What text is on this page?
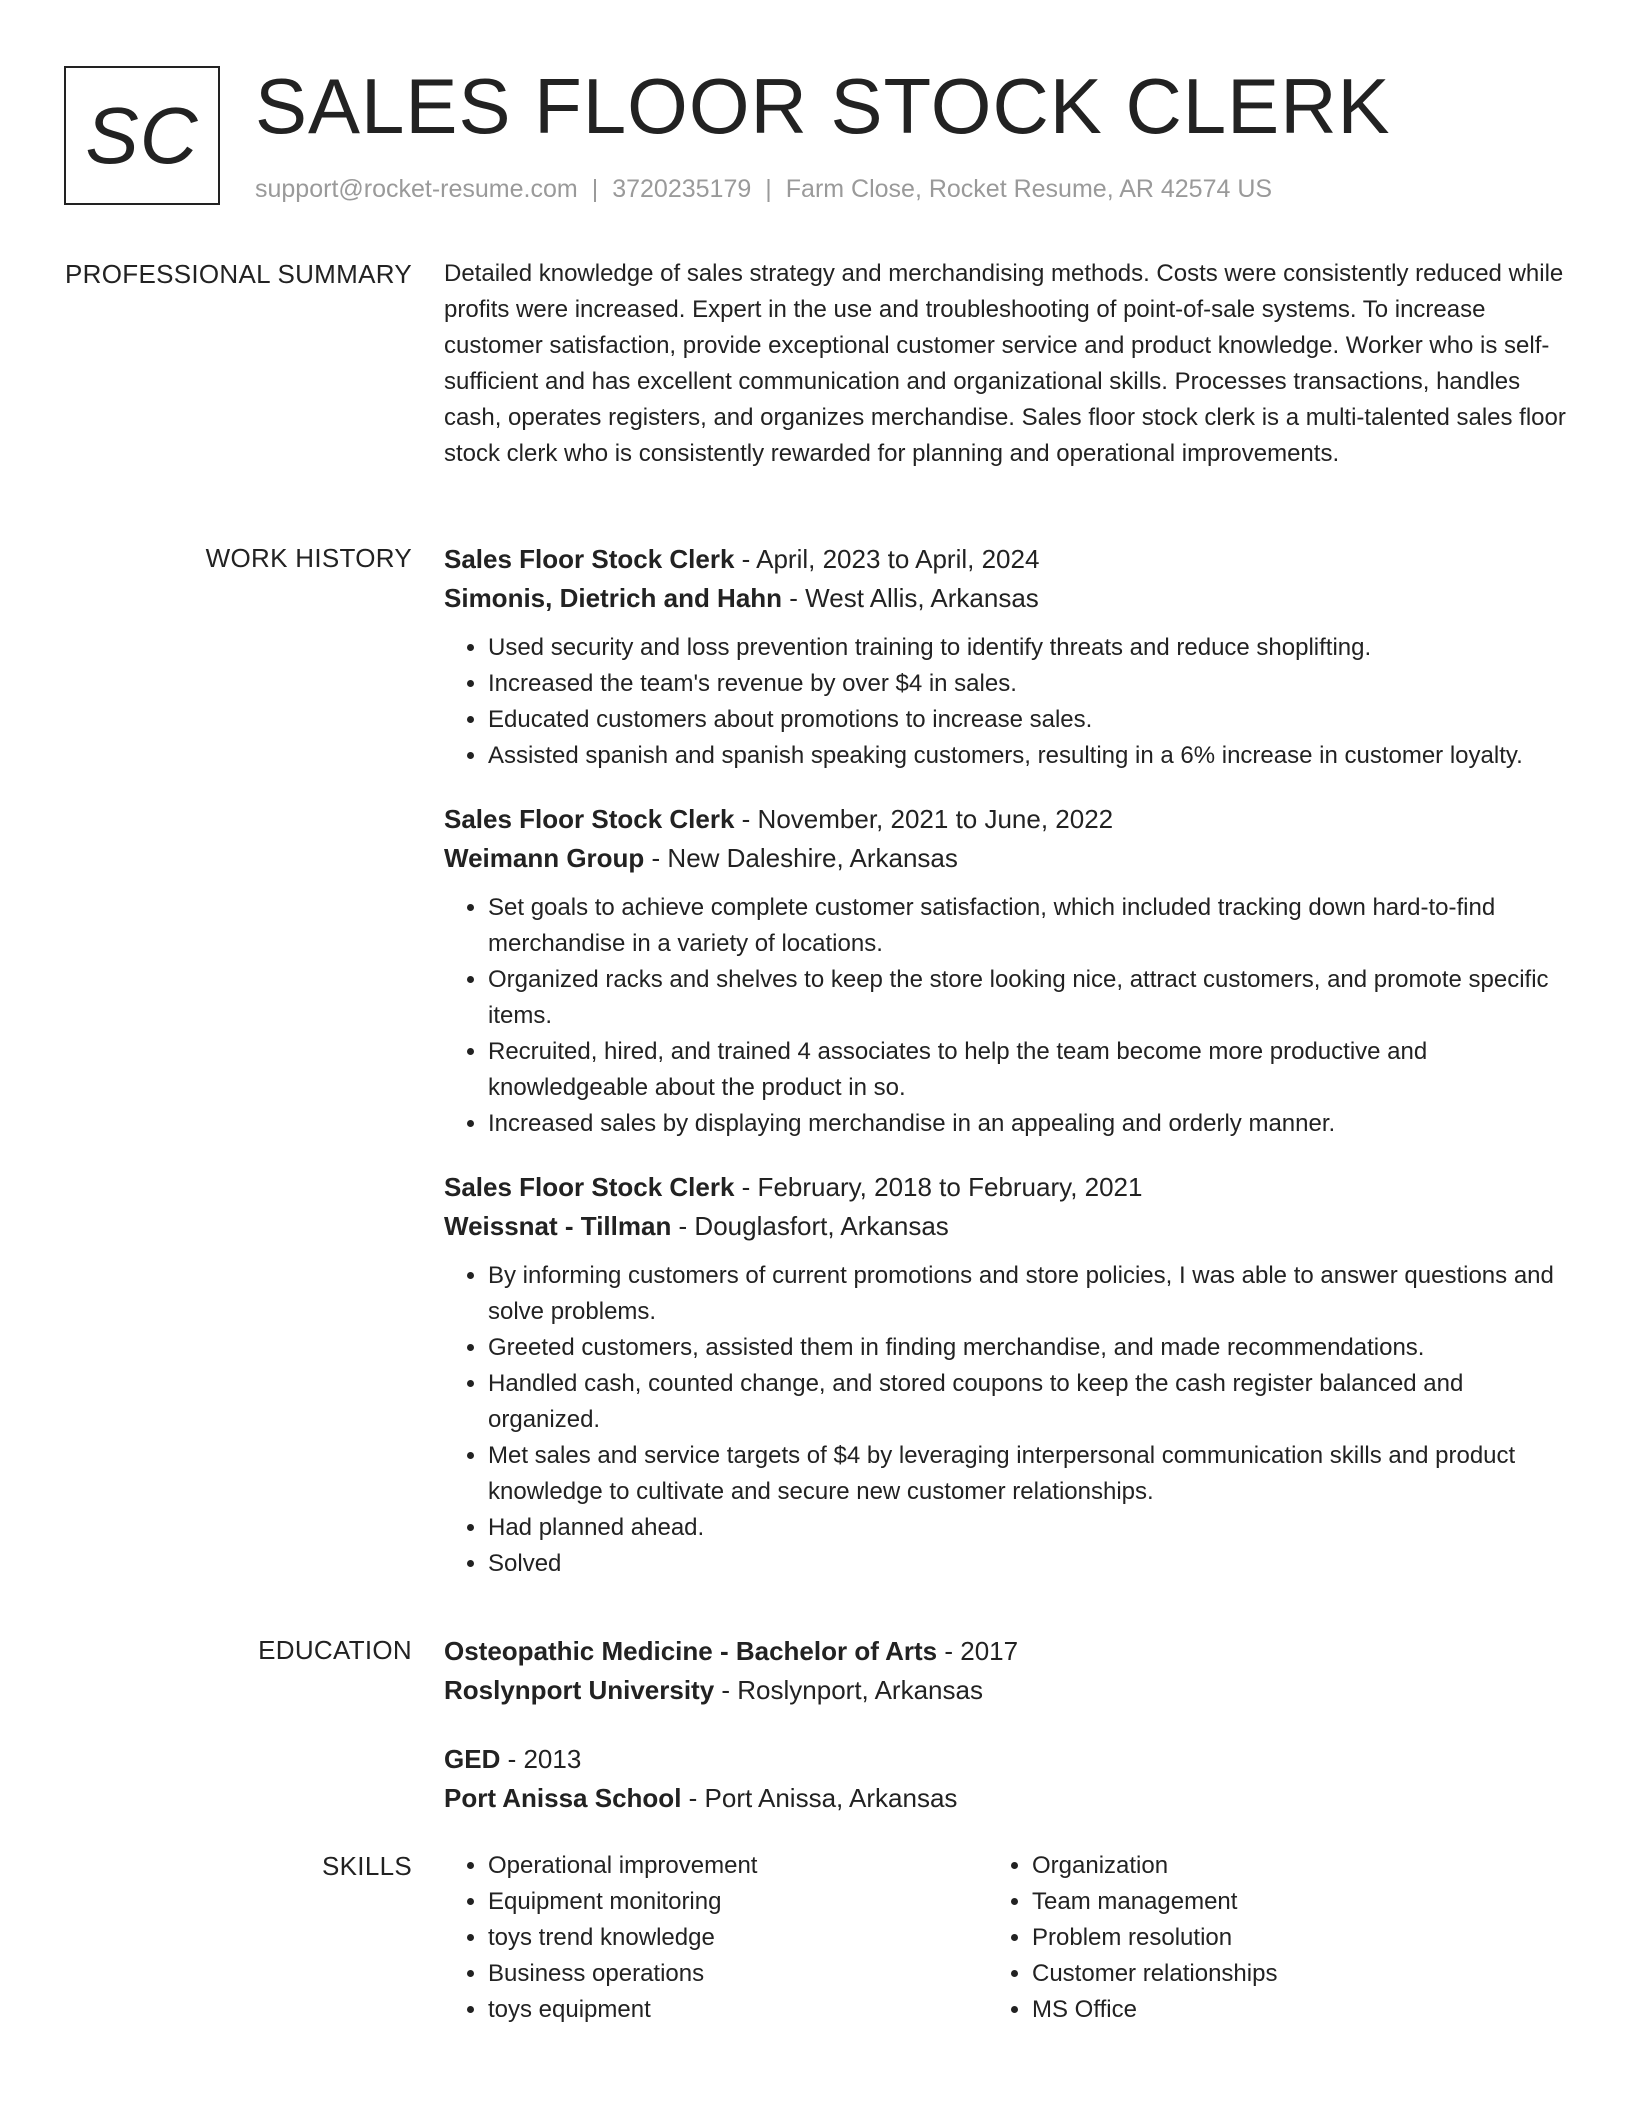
SC SALES FLOOR STOCK CLERK
support@rocket-resume.com | 3720235179 | Farm Close, Rocket Resume, AR 42574 US
PROFESSIONAL SUMMARY Detailed knowledge of sales strategy and merchandising methods. Costs were consistently reduced while profits were increased. Expert in the use and troubleshooting of point-of-sale systems. To increase customer satisfaction, provide exceptional customer service and product knowledge. Worker who is self-sufficient and has excellent communication and organizational skills. Processes transactions, handles cash, operates registers, and organizes merchandise. Sales floor stock clerk is a multi-talented sales floor stock clerk who is consistently rewarded for planning and operational improvements.

WORK HISTORY Sales Floor Stock Clerk - April, 2023 to April, 2024
Simonis, Dietrich and Hahn - West Allis, Arkansas
• Used security and loss prevention training to identify threats and reduce shoplifting.
• Increased the team's revenue by over $4 in sales.
• Educated customers about promotions to increase sales.
• Assisted spanish and spanish speaking customers, resulting in a 6% increase in customer loyalty.
Sales Floor Stock Clerk - November, 2021 to June, 2022
Weimann Group - New Daleshire, Arkansas
• Set goals to achieve complete customer satisfaction, which included tracking down hard-to-find merchandise in a variety of locations.
• Organized racks and shelves to keep the store looking nice, attract customers, and promote specific items.
• Recruited, hired, and trained 4 associates to help the team become more productive and knowledgeable about the product in so.
• Increased sales by displaying merchandise in an appealing and orderly manner.
Sales Floor Stock Clerk - February, 2018 to February, 2021
Weissnat - Tillman - Douglasfort, Arkansas
• By informing customers of current promotions and store policies, I was able to answer questions and solve problems.
• Greeted customers, assisted them in finding merchandise, and made recommendations.
• Handled cash, counted change, and stored coupons to keep the cash register balanced and organized.
• Met sales and service targets of $4 by leveraging interpersonal communication skills and product knowledge to cultivate and secure new customer relationships.
• Had planned ahead.
• Solved
EDUCATION Osteopathic Medicine - Bachelor of Arts - 2017
Roslynport University - Roslynport, Arkansas
GED - 2013
Port Anissa School - Port Anissa, Arkansas
SKILLS
•	Operational improvement
• Equipment monitoring
• toys trend knowledge
• Business operations
• toys equipment
• Organization
• Team management
• Problem resolution
• Customer relationships
• MS Office
